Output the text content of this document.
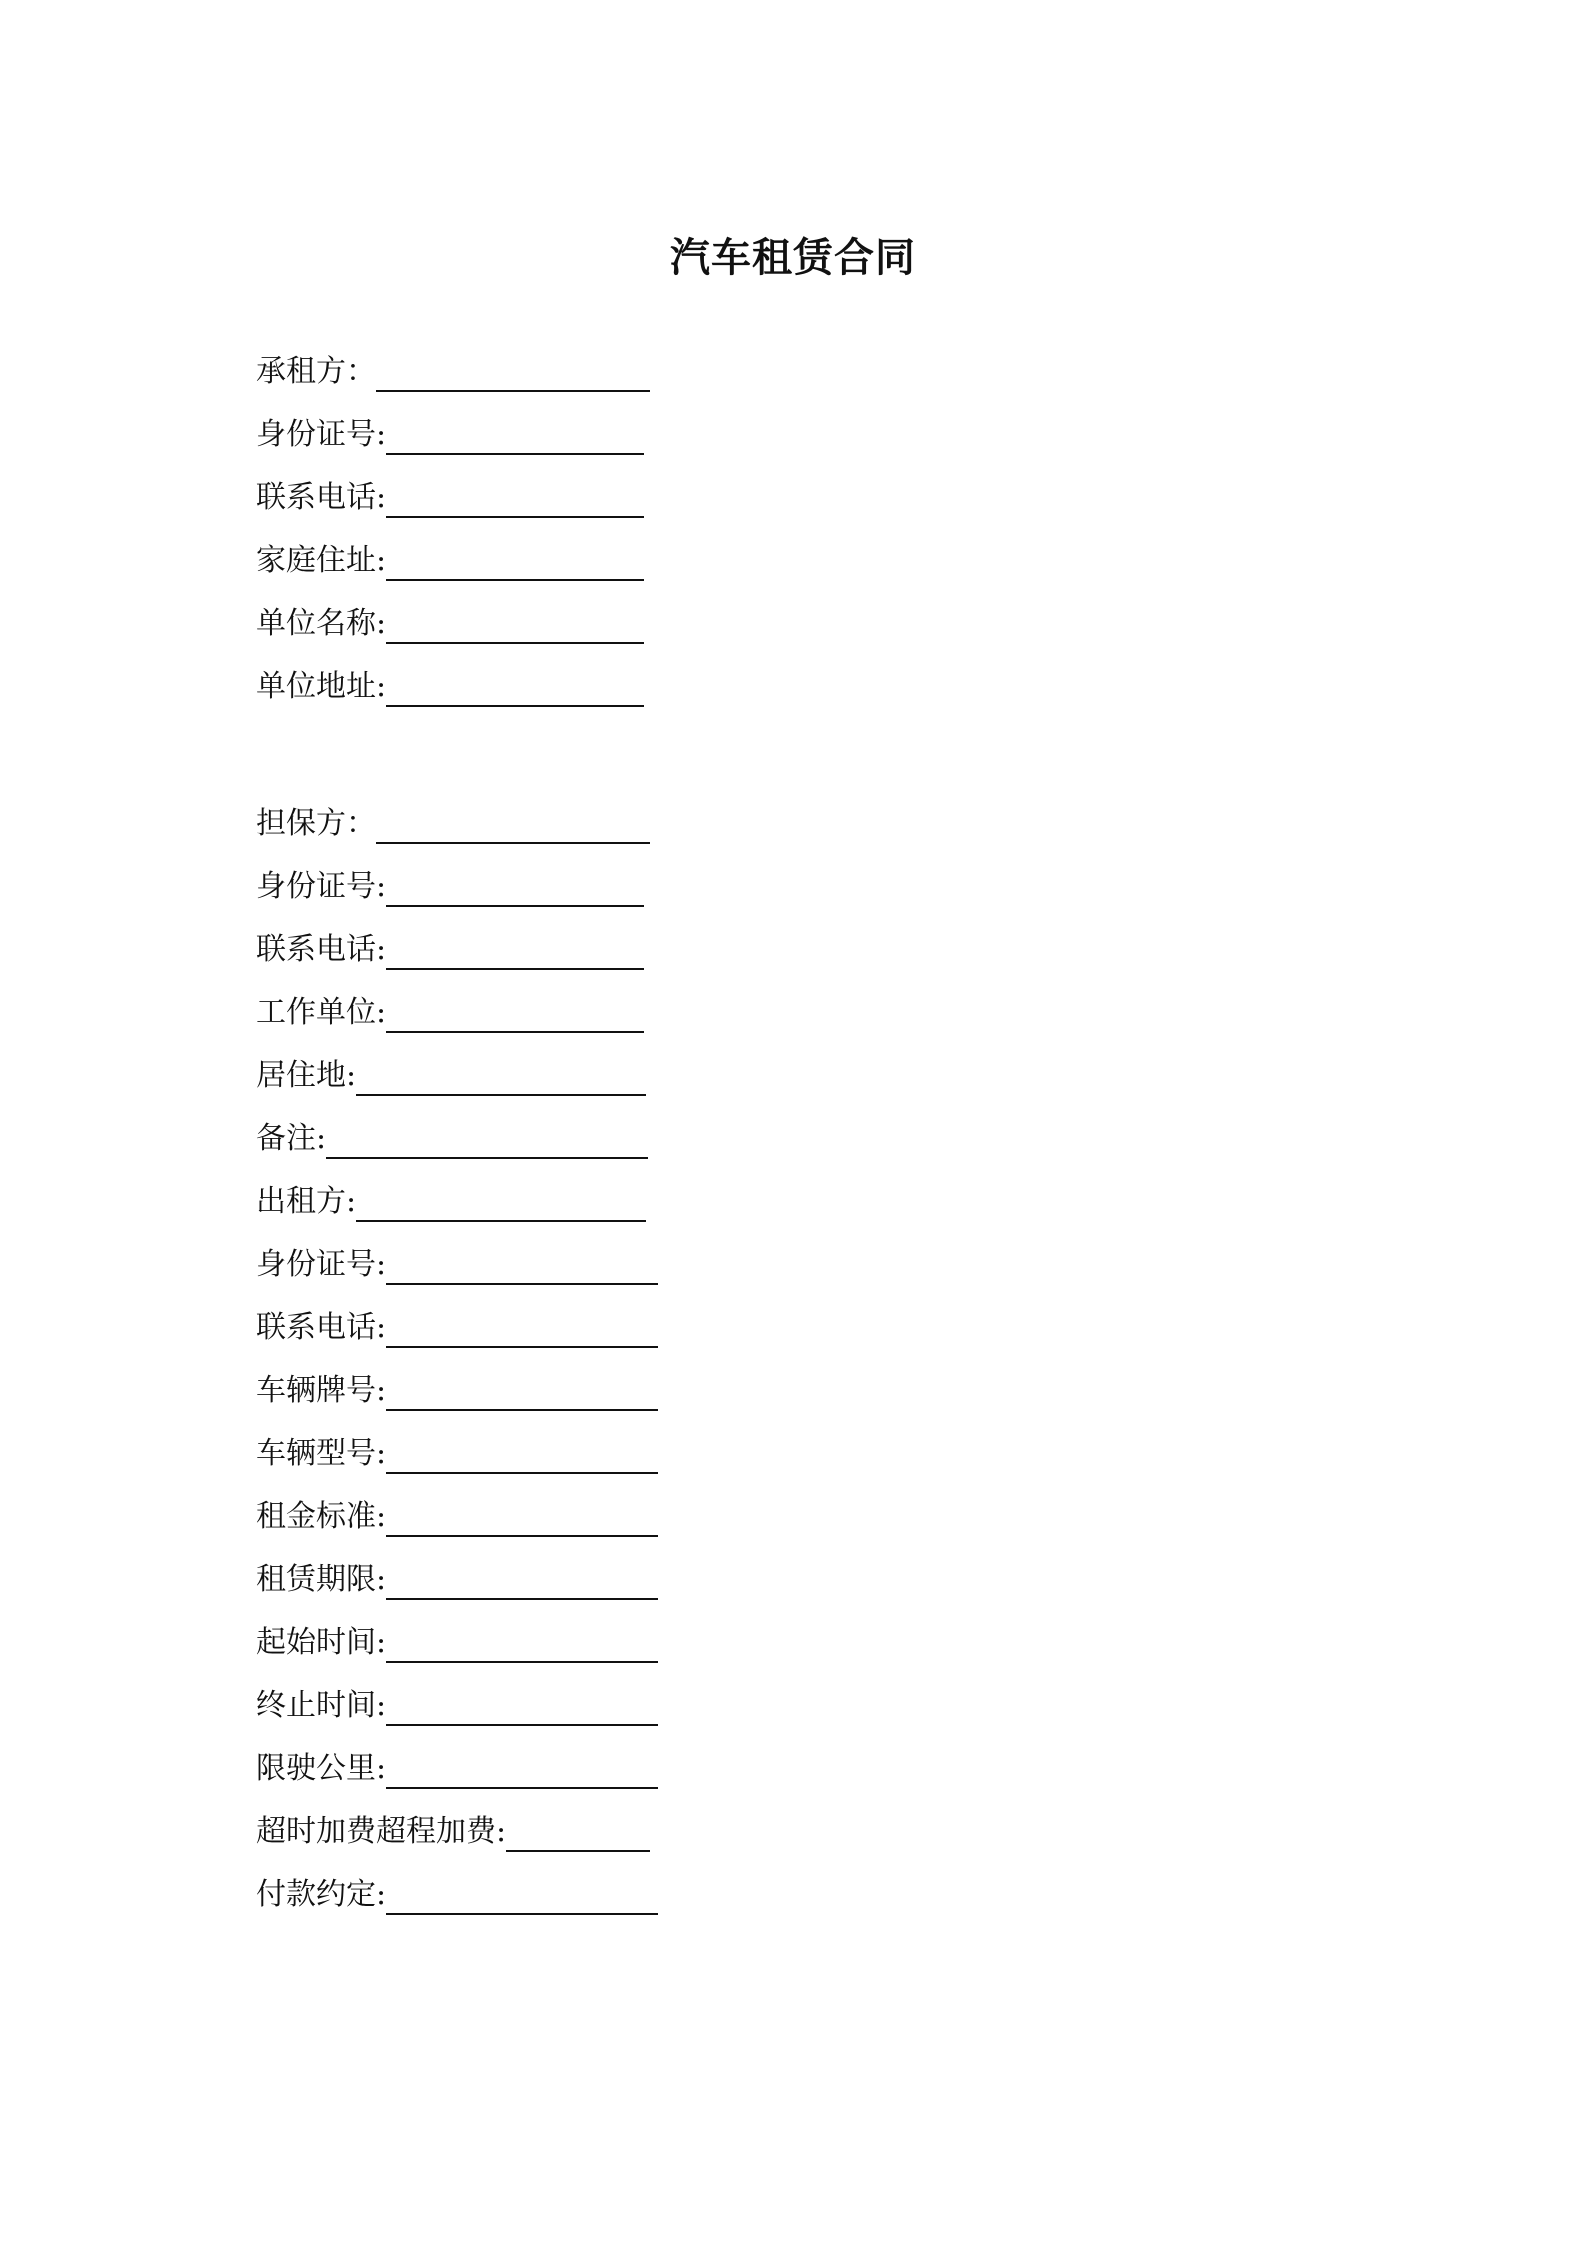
汽车租赁合同
承租方：
身份证号:
联系电话:
家庭住址:
单位名称:
单位地址:
担保方：
身份证号:
联系电话:
工作单位:
居住地:
备注:
出租方:
身份证号:
联系电话:
车辆牌号:
车辆型号:
租金标准:
租赁期限:
起始时间:
终止时间:
限驶公里:
超时加费超程加费:
付款约定:
